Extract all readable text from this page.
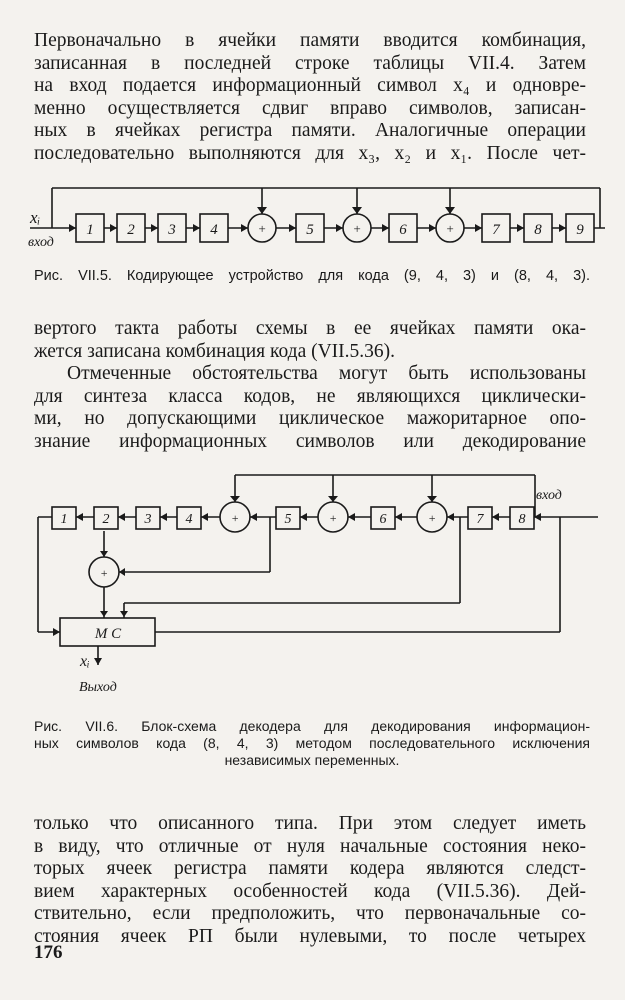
Первоначально в ячейки памяти вводится комбинация,
записанная в последней строке таблицы VII.4. Затем
на вход подается информационный символ x₄ и одновре-
менно осуществляется сдвиг вправо символов, записан-
ных в ячейках регистра памяти. Аналогичные операции
последовательно выполняются для x₃, x₂ и x₁. После чет-
1 2 3 4	5	6	7 8 9
+	+	+
xᵢ
вход
Рис. VII.5. Кодирующее устройство для кода (9, 4, 3) и (8, 4, 3).
вертого такта работы схемы в ее ячейках памяти ока-
жется записана комбинация кода (VII.5.36).
Отмеченные обстоятельства могут быть использованы
для синтеза класса кодов, не являющихся циклически-
ми, но допускающими циклическое мажоритарное опо-
знание информационных символов или декодирование
1	2	3 4	5	6	7	8
+	+	+
+
М С
вход
xᵢ
Выход
Рис. VII.6. Блок-схема декодера для декодирования информацион-
ных символов кода (8, 4, 3) методом последовательного исключения
независимых переменных.
только что описанного типа. При этом следует иметь
в виду, что отличные от нуля начальные состояния неко-
торых ячеек регистра памяти кодера являются следст-
вием характерных особенностей кода (VII.5.36). Дей-
ствительно, если предположить, что первоначальные со-
стояния ячеек РП были нулевыми, то после четырех
176
